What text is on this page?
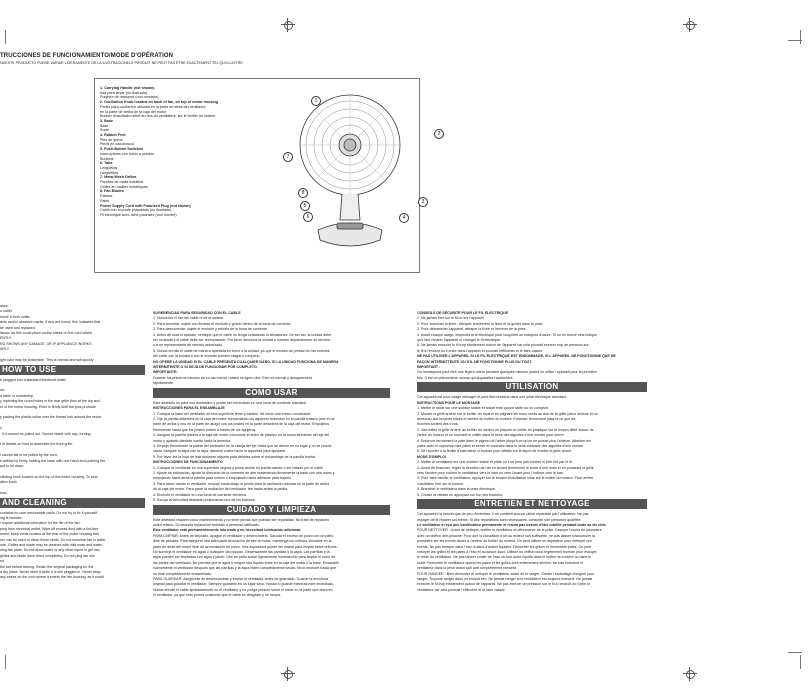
TRUCCIONES DE FUNCIONAMIENTO/MODE D'OPÉRATION
NUESTE PRODUCTO PUEDE VARIAR LIGERAMENTE DE LA ILUSTRACIONELE PRODUIT NE PEUT PAS ÊTRE EXACTEMENT TEL QU'ILLUSTRÉ

1. Carrying Handle (not shown)

Asa para llevar (no ilustrado)

Poignée de transport (non montrée)

2. Oscillation Knob located on back of fan, on top of motor housing

Perilla para oscilación ubicada en la parte de atrás del ventilador,

en la parte de arriba de la caja del motor

Bouton d'oscillation situé au dos du ventilateur, sur le boîtier du moteur

3. Base

Base

Socle

4. Rubber Feet

Pies de goma

Pieds en caoutchouc

5. Push-Button Switches

Interruptores con botón a presión

Boutons

6. Tabs

Lengüetas

Languettes

7. Metal Mesh Grilles

Parrillas de malla metálica

Grilles en mailles métalliques

8. Fan Blades

Paletas

Pales

Power Supply Cord with Polarized Plug (not shown)

Cable con enchufe polarizado (no ilustrado)

Fil électrique avec fiche polarisée (non montré)

1
2
3
4
5
6
7
8

ance.

o outlet.

move it from outlet.

ants and/or abrasive marks. If any are found, this indicates that

be used and replaced.

liance, as this could place undue stress on the cord where

ENTLY.

RD SHOWS ANY DAMAGE, OR IF APPLIANCE WORKS

ARLY.

ight odor may be noticeable. This is normal and will quickly

HOW TO USE

e plugged into a standard electrical outlet.

ns:

a table or countertop.

y matching the round holes in the rear grille (two at the top and

nt of the motor housing. Push in firmly until the pins protrude

y placing the plastic collar over the thread hub around the motor

o

. If it cannot be pulled out. Secure blade with cap, turning

t of details on how to assemble the front grille.

l cannot fall or be pulled by the cord.

e airflow by firmly holding the base with one hand and pushing the

ard to tilt down.

cillating knob located on the top of the motor housing. To stop

ation knob.

tons.

AND CLEANING

contains no user serviceable parts. Do not try to fix it yourself.

ing is needed.

l require additional lubrication for the life of the fan.

plug from electrical outlet. Wipe off excess dust with a lint-free

motor, keep vents located at the rear of the motor housing free

ner can be used to clean these vents. Do not immerse fan in water

ode. Grilles and blade may be cleaned with mild soap and water.

ning fan parts. Do not allow water or any other liquid to get into

grilles and blade have dried completely. Do not plug fan into

ed.

the fan before storing. Retain the original packaging for the

a dry place. Never store it while it is still plugged in. Never wrap

any stress on the cord where it enters the fan housing, as it could

SUGERENCIAS PARA SEGURIDAD CON EL CABLE

1. Nunca tire ni tire del cable ni de la unidad.

2. Para conectar, sujete con firmeza el enchufe y guíelo dentro de la toma de corriente.

3. Para desconectar, sujete el enchufe y retírelo de la toma de corriente.

4. Antes de usar el aparato, verifique que el cable no tenga cortaduras ni abrasiones. De ser así, la unidad debe

ser revisada y el cable debe ser reemplazado. Por favor devuelva la unidad a nuestro departamento de servicio

o a un representante de servicio autorizado.

5. Nunca enrolle el cable de manera apretada en torno a la unidad, ya que el exceso de presión en las uniones

del cable con la unidad o con el enchufe pueden rasgar o romperlo.

NO OPERE LA UNIDAD SI EL CABLE PRESENTA CUALQUIER DAÑO, SI LA UNIDAD FUNCIONA DE MANERA

INTERMITENTE O SI DEJA DE FUNCIONAR POR COMPLETO.

IMPORTANTE:

Durante los primeros minutos de su uso inicial, notará un ligero olor. Esto es normal y desaparecerá

rápidamente.

COMO USAR

Este artefacto es para uso doméstico y puede ser enchufado en una toma de corriente standard.

INSTRUCCIONES PARA EL ENSAMBLAJE

1. Coloque la base del ventilador en una superficie firme y estable, tal como una mesa o mostrador.

2. Fije la parrilla delantera en la caja del motor concordando los agujeros redondos en la parrilla trasera (dos en la

parte de arriba y uno en la parte de abajo) con los postes en la parte delantera de la caja del motor. Empújelos

firmemente hasta que los postes entren a través de los agujeros.

3. Asegure la parrilla trasera a la caja del motor colocando el anillo de plástico en la rosca alrededor del eje del

motor y ajústelo dándole vuelta hacia la derecha.

4. Empuje firmemente la paleta del ventilador en la clavija del eje hasta que se afirme en su lugar y no se pueda

sacar. Asegure la aspa con la tapa, dándole vuelta hacia la izquierda para ajustarla.

5. Por favor lea la hoja de instrucciones adjunta para detalles sobre el ensamblaje de la parrilla frontal.

INSTRUCCIONES DE FUNCIONAMIENTO

1. Coloque el ventilador en una superficie segura y plana donde no pueda caerse o ser halado por el cable.

2. Ajuste de inclinación, ajuste la dirección de la corriente de aire sosteniendo firmemente la base con una mano y

empujando hacia atrás la parrilla para subirlo o empujando hacia adelante para bajarlo.

3. Para hacer oscilar el ventilador, empuje hacia abajo la perilla para la oscilación ubicada en la parte de arriba

de la caja del motor. Para parar la oscilación del ventilador, tire hacia arriba la perilla.

4. Enchufe el ventilador en una toma de corriente eléctrica.

5. Escoja la velocidad deseada presionando uno de los botones.

CUIDADO Y LIMPIEZA

Este artefacto requiere poco mantenimiento y no tiene piezas que puedan ser reparadas. No trate de repararlo

usted mismo. Si necesita reparación remítalo a personal calificado.

Este ventilador está permanentemente lubricado y no necesitará lubricación adicional.

PARA LIMPIAR: Antes de limpiarlo, apague el ventilador y desenchúfelo. Sacuda el exceso de polvo con un paño

libre de pelusas. Para asegurar una adecuada circulación de aire al motor, mantenga los orificios ubicados en la

parte de atrás del motor libre de acumulación de polvo. Una aspiradora puede ser usada para limpiar estos orificios.

No sumerja el ventilador en agua o cualquier otro líquido. Desensamble las parrillas y la aspa. Las parrillas y la

aspa pueden ser limpiadas con agua y jabón. Use un paño suave ligeramente humedecido para limpiar el resto de

las partes del ventilador. No permita que el agua o ningún otro líquido entre en la caja del motor o la base. Ensamble

nuevamente el ventilador después que las parrillas y la aspa estén completamente secas. No lo enchufe hasta que

no esté completamente ensamblado.

PARA GUARDAR: Asegúrese de desensamblar y limpiar el ventilador antes de guardarlo. Guarde la envoltura

original para guardar el ventilador. Siempre guárdelo en un lugar seco. Nunca lo guarde mientras esté enchufado.

Nunca enrolle el cable ajustadamente en el ventilador y no ponga presión sobre el cable en la parte que entra en

el ventilador, ya que esto podría ocasionar que el cable se desgaste y se rompa.

CONSEILS DE SÉCURITÉ POUR LE FIL ÉLECTRIQUE

1. Ne jamais tirer sur le fil ou sur l'appareil

2. Pour brancher la fiche : Attraper fermement la fiche et la guider dans la prise.

3. Pour débrancher l'appareil, attraper la fiche et l'enlever de la prise.

4. Avant chaque usage, inspecter le fil électrique pour coupures ou marques d'usure. Si on en trouve cela indique

qu'il faut réparer l'appareil et changer le fil électrique.

5. Ne jamais enrouler le fil trop étroitement autour de l'appareil car cela pourrait exercer trop de pression sur

le fil à l'endroit où il entre dans l'appareil et pourrait l'effilocher et le faire casser.

NE PAS UTILISER L'APPAREIL SI LE FIL ÉLECTRIQUE EST ENDOMMAGÉ, SI L'APPAREIL NE FONCTIONNE QUE DE

FAÇON INTERMITTENTE OU S'IL NE FONCTIONNE PLUS DU TOUT.

IMPORTANT :

On remarquera peut-être une légère odeur pendant quelques minutes quand on utilise l'appareil pour la première

fois. C'est un phénomène normal qui disparaîtra rapidement.

UTILISATION

Cet appareil est pour usage ménager et peut être branché dans une prise électrique standard.

INSTRUCTIONS POUR LE MONTAGE

1. Mettre le socle sur une surface stable et solide telle qu'une table ou un comptoir.

2. Monter la grille arrière sur le boîtier du moteur en alignant les trous ronds au dos de la grille (deux dessus et un

dessous) aux broches situés à l'arrière du boîtier du moteur. Enfoncer fermement jusqu'à ce que les

broches sortent des trous.

3. Verrouiller la grille arrière au boîtier du moteur en plaçant ce collier en plastique sur le moyeu fileté autour de

l'arbre du moteur et en tournant le collier dans le sens des aiguilles d'une montre pour serrer.

4. Enfoncer fermement la pale dans le pignon de l'arbre jusqu'à ce qu'on ne puisse plus l'enlever. Attacher les

pales avec le capuchon des pales et serrer en tournant dans le sens contraire des aiguilles d'une montre.

5. Se reporter à la feuille d'instruction ci-incluse pour détails sur la façon de monter la grille avant.

MODE D'EMPLOI

1. Mettre le ventilateur sur une surface stable et plate où il ne peut pas tomber ni être tiré par le fil.

2. Avant de brancher, régler la direction de l'air en tenant fermement le socle d'une main et en poussant la grille

vers l'arrière pour incliner le ventilateur vers le haut ou vers l'avant pour l'incliner vers le bas.

3. Pour faire osciller le ventilateur, appuyer sur le bouton d'oscillation situé sur le boîtier du moteur. Pour arrêter

l'oscillation tirer sur le bouton.

4. Brancher le ventilateur dans la prise électrique.

5. Choisir la vitesse en appuyant sur l'un des boutons.

ENTRETIEN ET NETTOYAGE

Cet appareil n'a besoin que de peu d'entretien. Il ne contient aucune pièce réparable par l'utilisateur. Ne pas

essayer de le réparer soi-même. Si des réparations sont nécessaires, consulter une personne qualifiée.

Le ventilateur a reçu une lubrification permanente et n'aura pas besoin d'être lubrifié pendant toute sa vie utile.

POUR NETTOYER : Avant de nettoyer, arrêter le ventilateur et débrancher de la prise. Essuyer l'excès de poussière

avec un chiffon anti-peluche. Pour que la circulation d'air au moteur soit suffisante, ne pas laisser s'accumuler la

poussière sur les évents situés à l'arrière du boîtier du moteur. On peut utiliser un aspirateur pour nettoyer ces

évents. Ne pas tremper dans l'eau ni dans d'autres liquides. Démonter les grilles et l'ensemble pales. On peut

nettoyer les grilles et les pales à l'eau et au savon doux. Utiliser un chiffon doux légèrement humide pour essuyer

le reste du ventilateur. Ne pas laisser couler de l'eau ou tout autre liquide dans le boîtier du moteur ou dans le

socle. Remonter le ventilateur quand les pales et les grilles sont entièrement sèches. Ne pas brancher le

ventilateur dans la prise avant qu'il soit complètement remonté.

POUR RANGER : Bien démonter et nettoyer le ventilateur avant de le ranger. Garder l'emballage d'origine pour

ranger. Toujours ranger dans un endroit sec. Ne jamais ranger si le ventilateur est toujours branché. Ne jamais

enrouler le fil trop étroitement autour de l'appareil. Ne pas exercer de pression sur le fil à l'endroit où il joint le

ventilateur car cela pourrait l'effilocher et le faire casser.
